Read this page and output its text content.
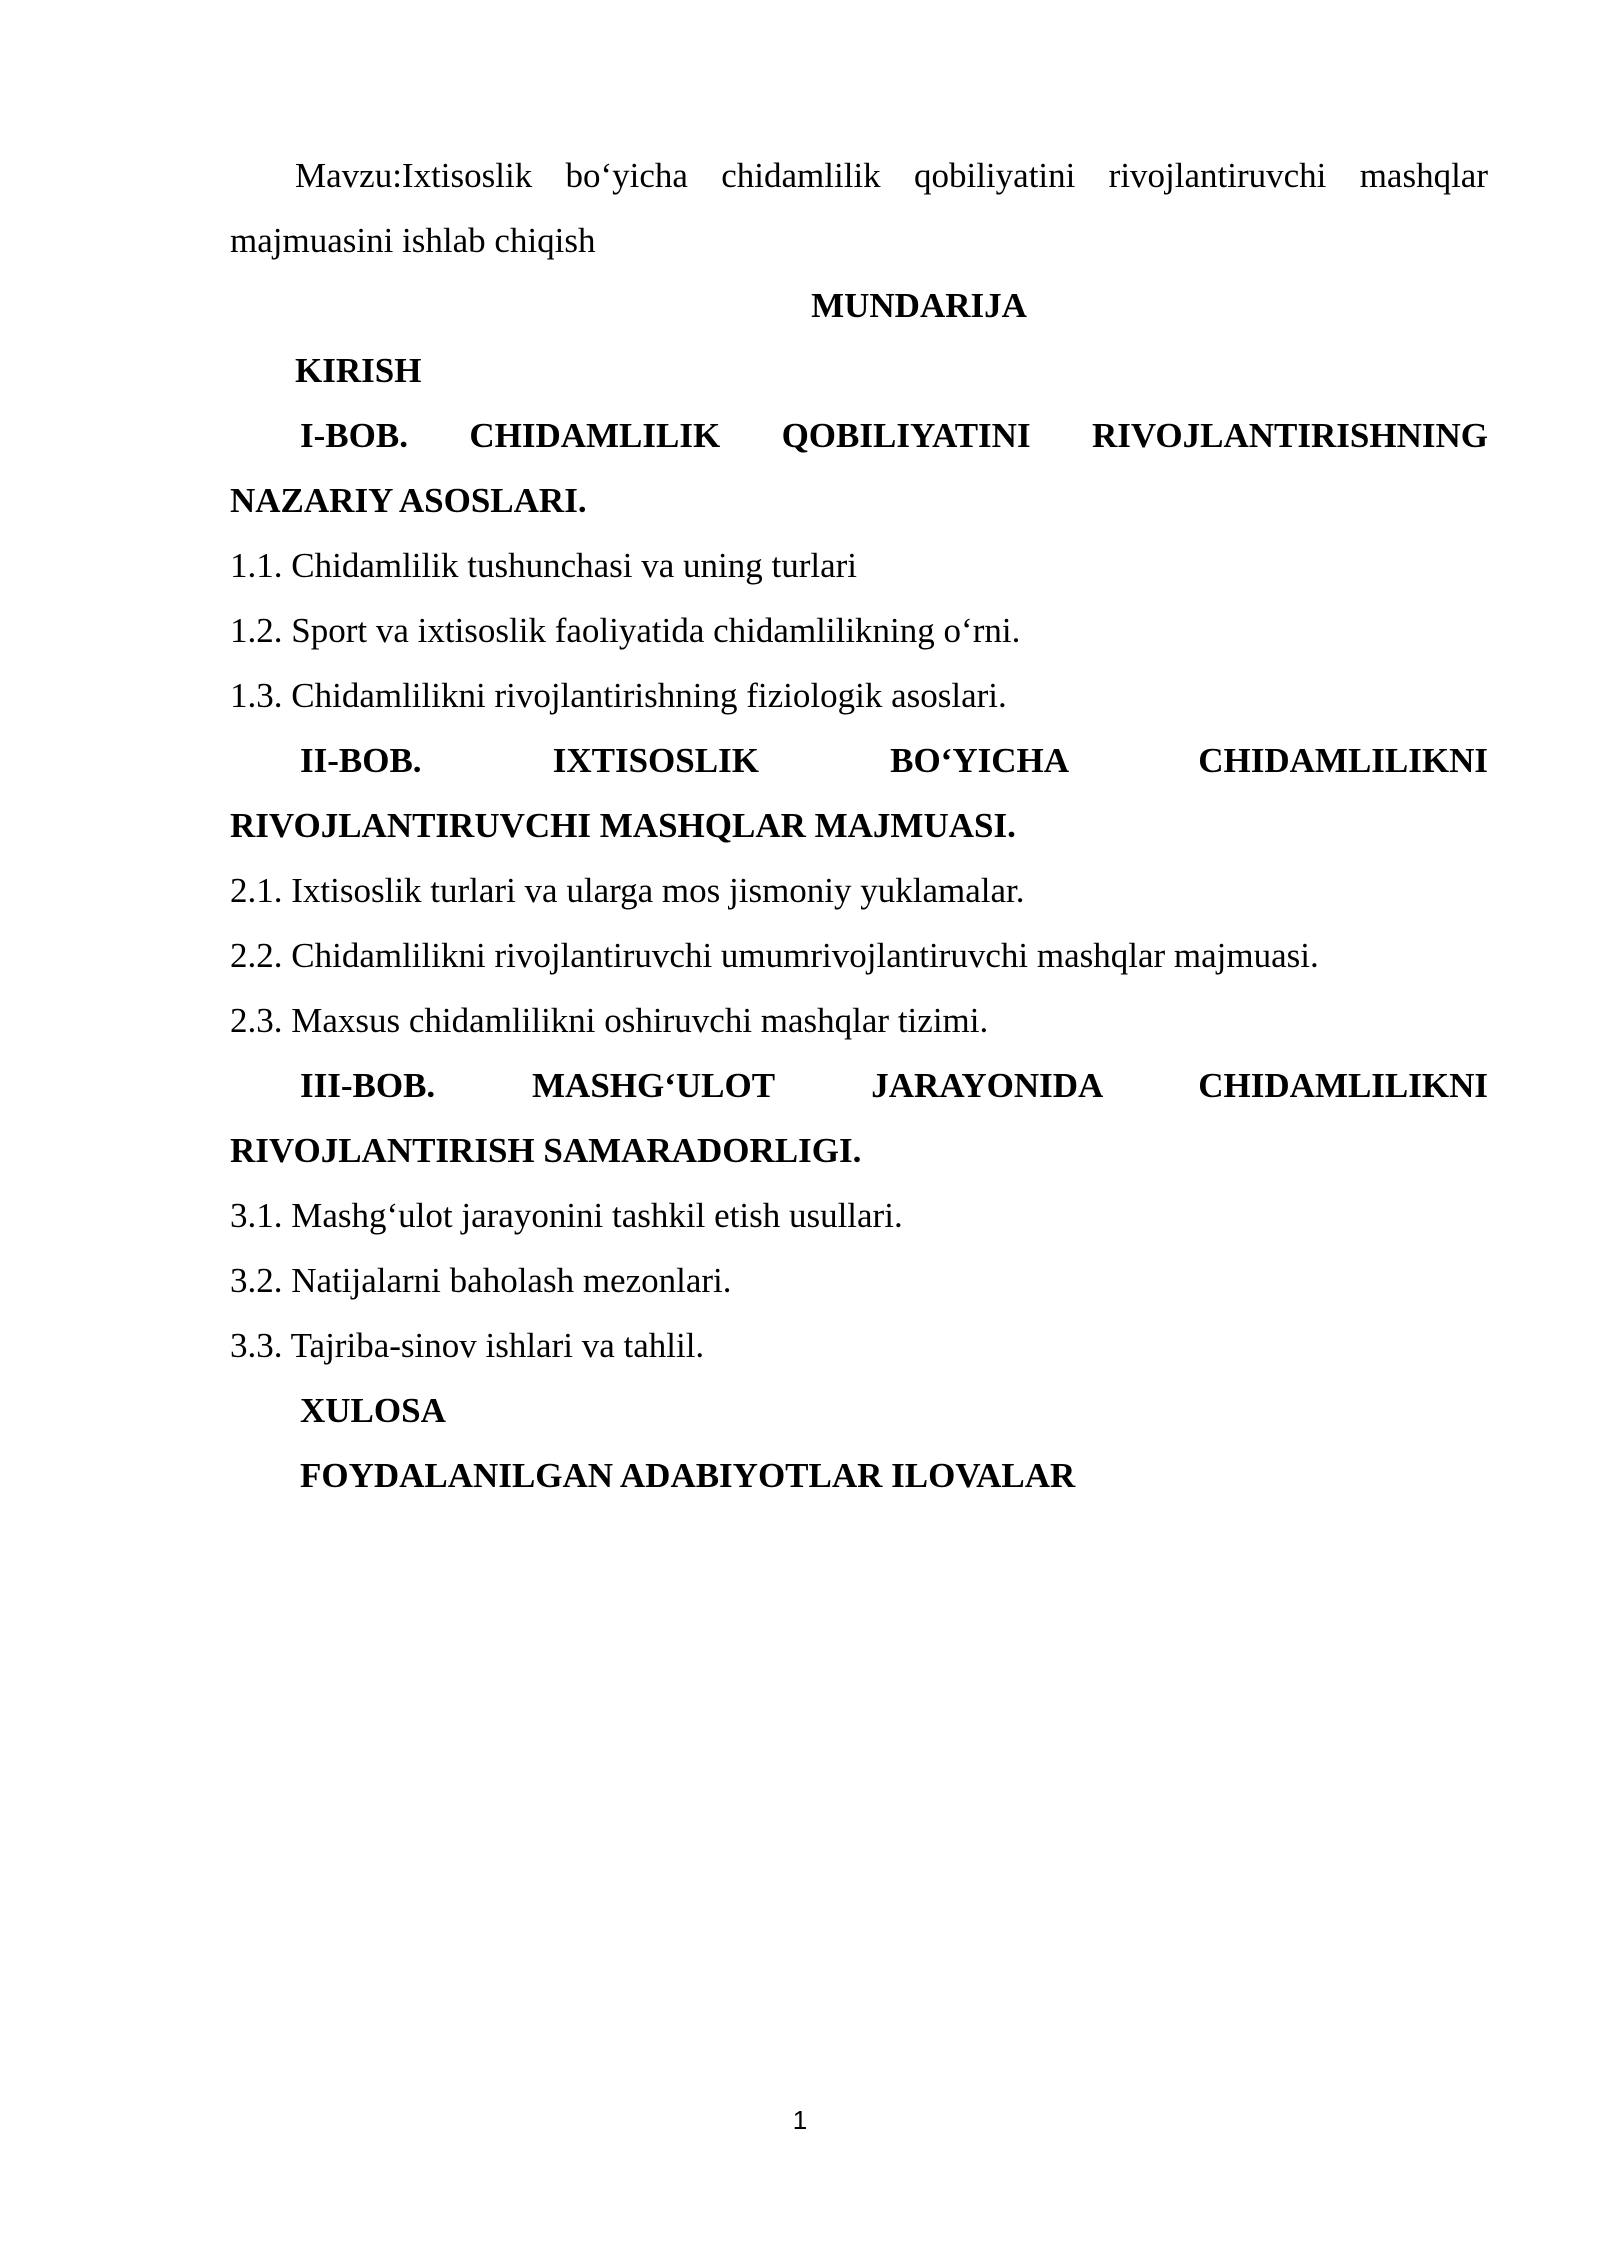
Mavzu:Ixtisoslik bo‘yicha chidamlilik qobiliyatini rivojlantiruvchi mashqlar

majmuasini ishlab chiqish

MUNDARIJA

KIRISH

I-BOB. CHIDAMLILIK QOBILIYATINI RIVOJLANTIRISHNING

NAZARIY ASOSLARI.

1.1. Chidamlilik tushunchasi va uning turlari

1.2. Sport va ixtisoslik faoliyatida chidamlilikning o‘rni.

1.3. Chidamlilikni rivojlantirishning fiziologik asoslari.

II-BOB. IXTISOSLIK BO‘YICHA CHIDAMLILIKNI

RIVOJLANTIRUVCHI MASHQLAR MAJMUASI.

2.1. Ixtisoslik turlari va ularga mos jismoniy yuklamalar.

2.2. Chidamlilikni rivojlantiruvchi umumrivojlantiruvchi mashqlar majmuasi.

2.3. Maxsus chidamlilikni oshiruvchi mashqlar tizimi.

III-BOB. MASHG‘ULOT JARAYONIDA CHIDAMLILIKNI

RIVOJLANTIRISH SAMARADORLIGI.

3.1. Mashg‘ulot jarayonini tashkil etish usullari.

3.2. Natijalarni baholash mezonlari.

3.3. Tajriba-sinov ishlari va tahlil.

XULOSA

FOYDALANILGAN ADABIYOTLAR ILOVALAR

1
